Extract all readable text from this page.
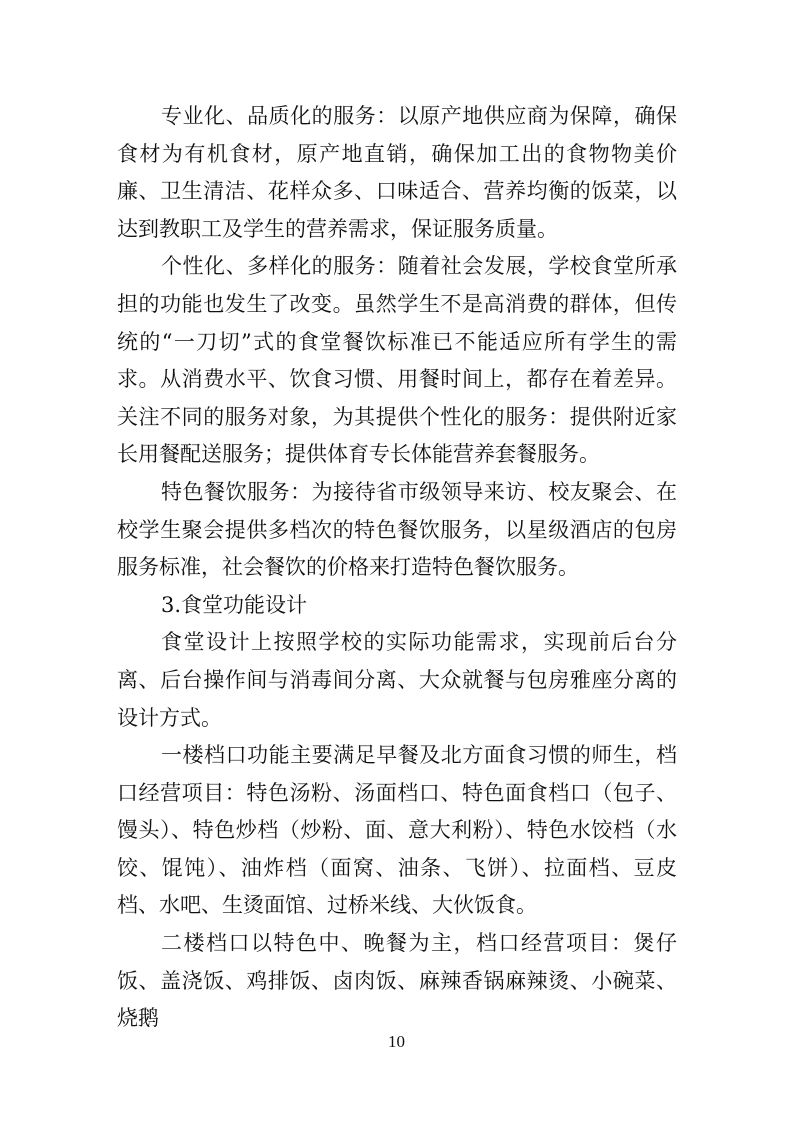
专业化、品质化的服务：以原产地供应商为保障，确保食材为有机食材，原产地直销，确保加工出的食物物美价廉、卫生清洁、花样众多、口味适合、营养均衡的饭菜，以达到教职工及学生的营养需求，保证服务质量。

个性化、多样化的服务：随着社会发展，学校食堂所承担的功能也发生了改变。虽然学生不是高消费的群体，但传统的“一刀切”式的食堂餐饮标准已不能适应所有学生的需求。从消费水平、饮食习惯、用餐时间上，都存在着差异。关注不同的服务对象，为其提供个性化的服务：提供附近家长用餐配送服务；提供体育专长体能营养套餐服务。

特色餐饮服务：为接待省市级领导来访、校友聚会、在校学生聚会提供多档次的特色餐饮服务，以星级酒店的包房服务标准，社会餐饮的价格来打造特色餐饮服务。

3.食堂功能设计

食堂设计上按照学校的实际功能需求，实现前后台分离、后台操作间与消毒间分离、大众就餐与包房雅座分离的设计方式。

一楼档口功能主要满足早餐及北方面食习惯的师生，档口经营项目：特色汤粉、汤面档口、特色面食档口（包子、馒头）、特色炒档（炒粉、面、意大利粉）、特色水饺档（水饺、馄饨）、油炸档（面窝、油条、飞饼）、拉面档、豆皮档、水吧、生烫面馆、过桥米线、大伙饭食。

二楼档口以特色中、晚餐为主，档口经营项目：煲仔饭、盖浇饭、鸡排饭、卤肉饭、麻辣香锅麻辣烫、小碗菜、烧鹅

10
